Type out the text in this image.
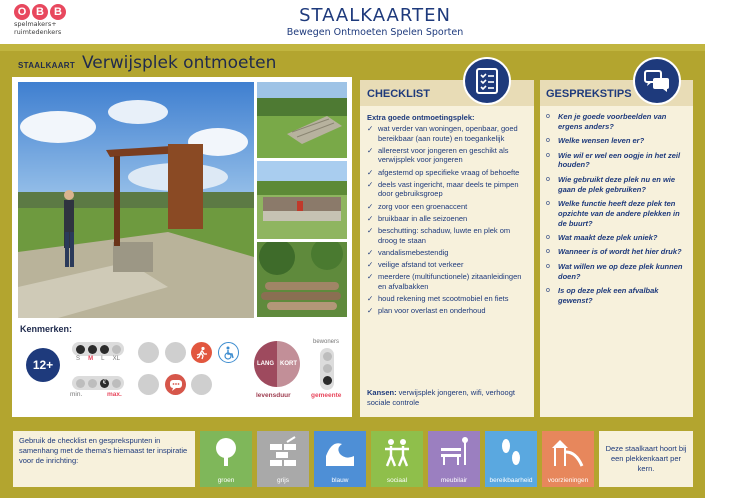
O B B
spelmakers+
ruimtedenkers
STAALKAARTEN
Bewegen Ontmoeten Spelen Sporten
STAALKAART Verwijsplek ontmoeten
Kenmerken:
12+	S M L XL
€
min.	max.
LANG	KORT
levensduur
bewoners
gemeente
CHECKLIST
Extra goede ontmoetingsplek:
✓ wat verder van woningen, openbaar, goed bereikbaar (aan route) en toegankelijk
✓ allereerst voor jongeren en geschikt als verwijsplek voor jongeren
✓ afgestemd op specifieke vraag of behoefte
✓ deels vast ingericht, maar deels te pimpen door gebruiksgroep
✓ zorg voor een groenaccent
✓ bruikbaar in alle seizoenen
✓ beschutting: schaduw, luwte en plek om droog te staan
✓ vandalismebestendig
✓ veilige afstand tot verkeer
✓ meerdere (multifunctionele) zitaanleidingen en afvalbakken
✓ houd rekening met scootmobiel en fiets
✓ plan voor overlast en onderhoud
Kansen: verwijsplek jongeren, wifi, verhoogt sociale controle
GESPREKSTIPS
o Ken je goede voorbeelden van ergens anders?
o Welke wensen leven er?
o Wie wil er wel een oogje in het zeil houden?
o Wie gebruikt deze plek nu en wie gaan de plek gebruiken?
o Welke functie heeft deze plek ten opzichte van de andere plekken in de buurt?
o Wat maakt deze plek uniek?
o Wanneer is of wordt het hier druk?
o Wat willen we op deze plek kunnen doen?
o Is op deze plek een afvalbak gewenst?
Gebruik de checklist en gesprekspunten in samenhang met de thema's hiernaast ter inspiratie voor de inrichting:
groen	grijs	blauw	sociaal	meubilair	bereikbaarheid	voorzieningen
Deze staalkaart hoort bij een plekkenkaart per kern.
